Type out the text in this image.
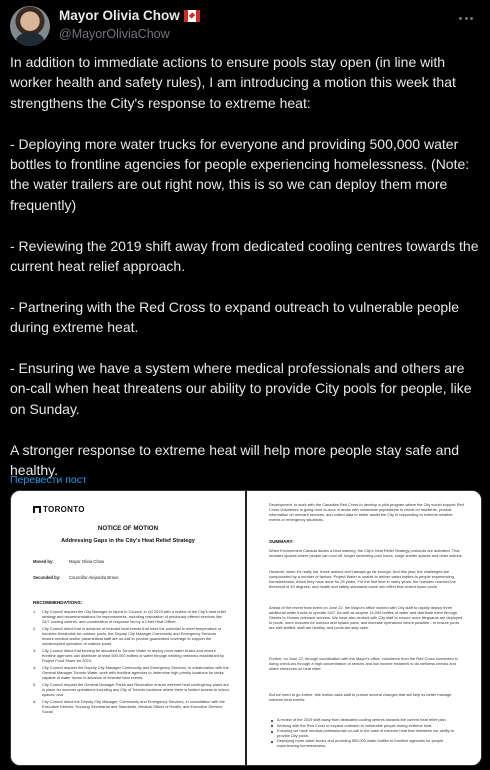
Mayor Olivia Chow
@MayorOliviaChow

In addition to immediate actions to ensure pools stay open (in line with worker health and safety rules), I am introducing a motion this week that strengthens the City's response to extreme heat:

- Deploying more water trucks for everyone and providing 500,000 water bottles to frontline agencies for people experiencing homelessness. (Note: the water trailers are out right now, this is so we can deploy them more frequently)

- Reviewing the 2019 shift away from dedicated cooling centres towards the current heat relief approach.

- Partnering with the Red Cross to expand outreach to vulnerable people during extreme heat.

- Ensuring we have a system where medical professionals and others are on-call when heat threatens our ability to provide City pools for people, like on Sunday.

A stronger response to extreme heat will help more people stay safe and healthy.

Перевести пост
TORONTO
NOTICE OF MOTION
Addressing Gaps in the City's Heat Relief Strategy
Moved by:	Mayor Olivia Chow
Seconded by: Councillor Alejandra Bravo
RECOMMENDATIONS:
1. City Council request the City Manager to report to Council, in Q4 2023 with a review of the City's heat relief strategy and recommendations for improvements, including restoration of previously offered services like 24/7 cooling centres, and coordination of response led by a Chief Heat Officer.
2. City Council direct that in advance of forecast heat events that have the potential to meet temperature or humidex thresholds for outdoor pools, the Deputy City Manager Community and Emergency Services ensure medical and/or paramedical staff are on-call to provide guaranteed coverage to support the uninterrupted operation of outdoor pools.
3. City Council direct that funding be allocated to Toronto Water to deploy more water trucks and ensure frontline agencies can distribute at least 500,000 bottles of water through existing networks established by Project Food Share for 2024.
4. City Council request the Deputy City Manager Community and Emergency Services, in collaboration with the General Manager Toronto Water, work with frontline agencies to determine high priority locations for tanks capable of water trucks in advance of forecast heat events.
5. City Council request the General Manager Parks and Recreation ensure extreme heat contingency plans are in place for summer operations including any City of Toronto locations where there is limited access to indoor spaces; and
6. City Council direct the Deputy City Manager, Community and Emergency Services, in consultation with the Executive Director, Housing Secretariat and Standards, Medical Officer of Health, and Executive Director, Social
Development, to work with the Canadian Red Cross to develop a pilot program where the City would support Red Cross Volunteers in going door-to-door in areas with vulnerable populations to check on residents, provide information on relevant services, and collect data to better assist the City in responding to extreme weather events or emergency situations.
SUMMARY:
When Environment Canada issues a heat warning, the City's Heat Relief Strategy protocols are activated. That includes spaces where people can cool off, longer swimming pool hours, surge shelter spaces and other actions.
However, when it's really hot, these actions don't always go far enough. And this year, the challenges are compounded by a number of factors. Project Water is unable to deliver water bottles to people experiencing homelessness, which they have done for 25 years. For the first time in many years, the humidex reached the threshold of 40 degrees, and health and safety standards came into effect that closed some pools.
Ahead of the recent heat event on June 22, the Mayor's office worked with City staff to rapidly deploy three additional water trucks to operate 24/7. As well as acquire 14,000 bottles of water and distribute them through Streets to Homes outreach workers. We have also worked with City staff to ensure more lifeguards are deployed to pools, more closures for outdoor and splash pads, and increase operations where possible - to ensure pools are well staffed, staff are healthy, and pools are stay open.
Further, on June 22, through coordination with the Mayor's office, volunteers from the Red Cross connected in doing check-ins through a high concentration of seniors and low income residents to do wellness checks and share resources on heat relief.
But we need to go further, this motion asks staff to pursue several changes that will help us better manage extreme heat events:
A review of the 2019 shift away from dedicated cooling centres towards the current heat relief plan.
Working with the Red Cross to expand outreach to vulnerable people during extreme heat.
Ensuring we have medical professionals on-call in the case of extreme heat that threatens our ability to provide City pools.
Deploying more water trucks and providing 500,000 water bottles to frontline agencies for people experiencing homelessness.
